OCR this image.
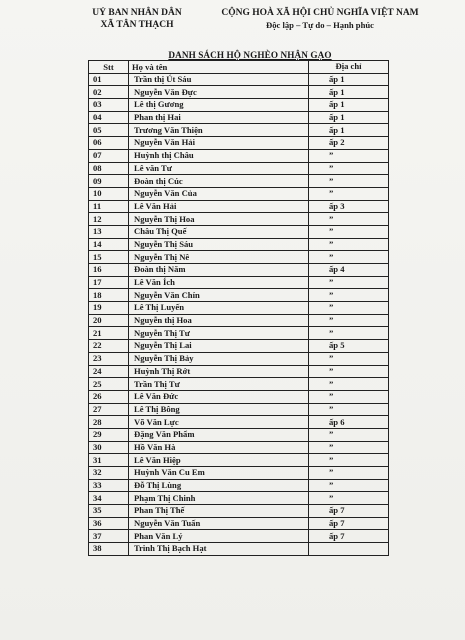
UỶ BAN NHÂN DÂN
XÃ TÂN THẠCH
CỘNG HOÀ XÃ HỘI CHỦ NGHĨA VIỆT NAM
Độc lập – Tự do – Hạnh phúc
DANH SÁCH HỘ NGHÈO NHẬN GẠO
Stt	Họ và tên	Địa chỉ
01	Trần thị Út Sáu	ấp 1
02	Nguyễn Văn Đực	ấp 1
03	Lê thị Gương	ấp 1
04	Phan thị Hai	ấp 1
05	Trương Văn Thiện	ấp 1
06	Nguyễn Văn Hải	ấp 2
07	Huỳnh thị Châu	”
08	Lê văn Tư	”
09	Đoàn thị Cúc	”
10	Nguyễn Văn Của	”
11	Lê Văn Hải	ấp 3
12	Nguyễn Thị Hoa	”
13	Châu Thị Quế	”
14	Nguyễn Thị Sáu	”
15	Nguyễn Thị Nê	”
16	Đoàn thị Năm	ấp 4
17	Lê Văn Ích	”
18	Nguyễn Văn Chín	”
19	Lê Thị Luyến	”
20	Nguyễn thị Hoa	”
21	Nguyễn Thị Tư	”
22	Nguyễn Thị Lai	ấp 5
23	Nguyễn Thị Bảy	”
24	Huỳnh Thị Rớt	”
25	Trần Thị Tư	”
26	Lê Văn Đức	”
27	Lê Thị Bông	”
28	Võ Văn Lực	ấp 6
29	Đặng Văn Phẩm	”
30	Hồ Văn Hà	”
31	Lê Văn Hiệp	”
32	Huỳnh Văn Cu Em	”
33	Đỗ Thị Lùng	”
34	Phạm Thị Chinh	”
35	Phan Thị Thế	ấp 7
36	Nguyễn Văn Tuấn	ấp 7
37	Phan Văn Lý	ấp 7
38	Trinh Thị Bạch Hạt	
